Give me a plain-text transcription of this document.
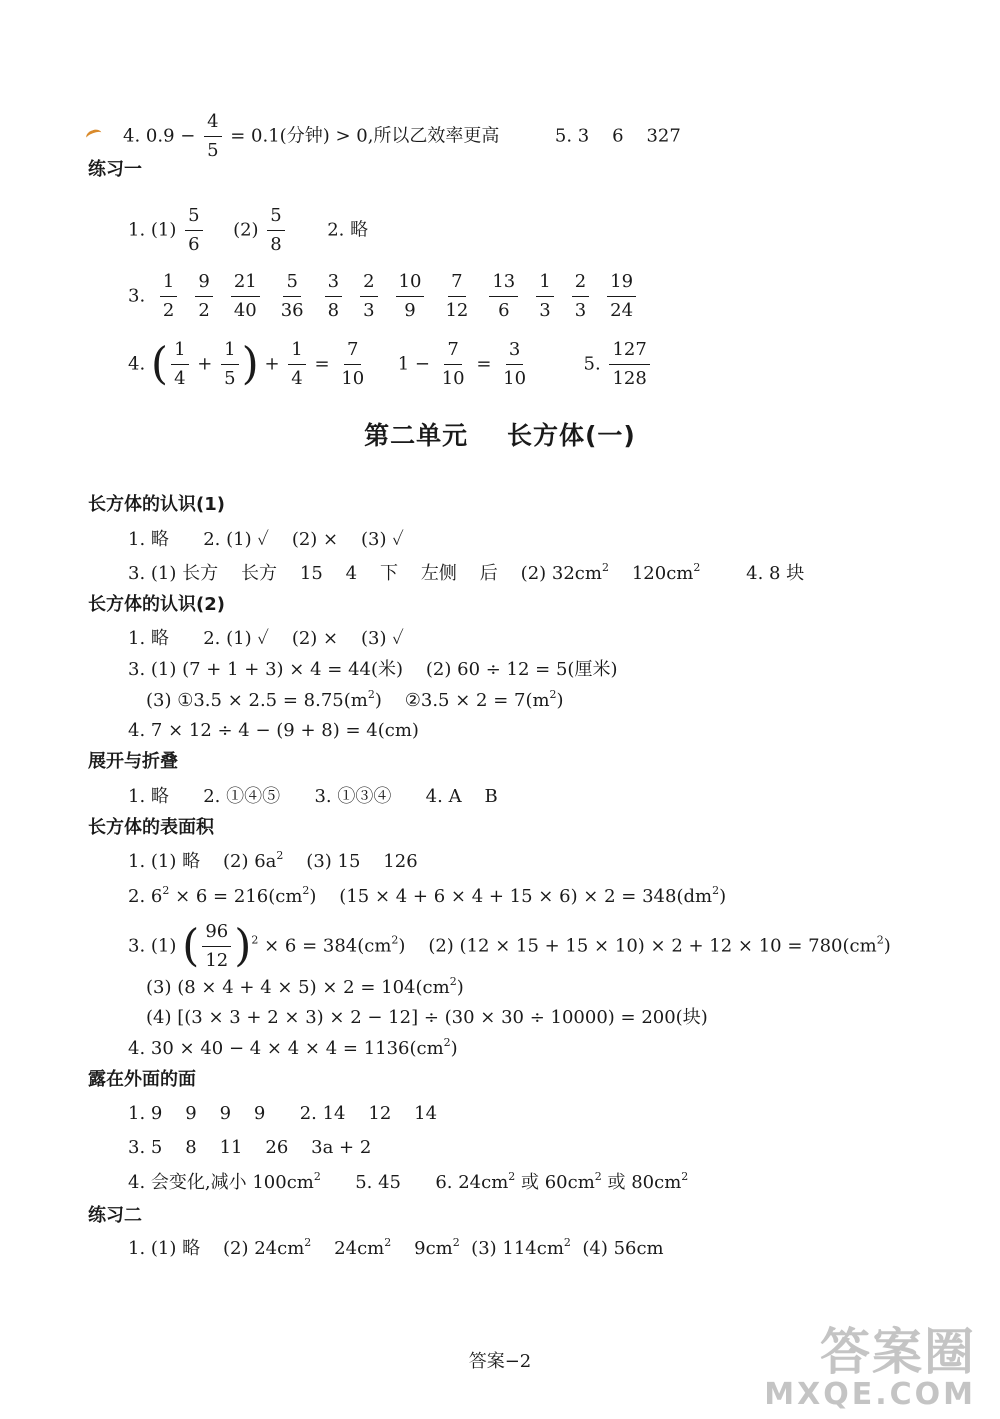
4. $0.9 - \frac{4}{5} = 0.1$(分钟) > 0,所以乙效率更高	5. 3    6    327
练习一
1. $(1) \frac{5}{6} (2) \frac{5}{8} 2$. 略
3. $\frac{1}{2} \frac{9}{2} \frac{21}{40} \frac{5}{36} \frac{3}{8} \frac{2}{3} \frac{10}{9} \frac{7}{12} \frac{13}{6} \frac{1}{3} \frac{2}{3} \frac{19}{24}$
4. ( $\frac{1}{4} + \frac{1}{5}$ ) + $\frac{1}{4} = \frac{7}{10} 1 - \frac{7}{10} = \frac{3}{10}$	5. $\frac{127}{128}$
第二单元    长方体(一)
长方体的认识(1)
1. 略      2. (1) ✓    (2) ×    (3) ✓
3. (1) 长方    长方    15    4    下    左侧    后    (2) $32cm^2$    $120cm^2$        4. 8 块
长方体的认识(2)
1. 略      2. (1) ✓    (2) ×    (3) ✓
3. (1) (7 + 1 + 3) × 4 = 44(米)    (2) 60 ÷ 12 = 5(厘米)
(3) ①3.5 × $2.5 = 8.75(m^2)$    ②3.5 × $2 = 7(m^2)$
4. 7 × 12 ÷ 4 − (9 + 8) = 4(cm)
展开与折叠
1. 略      2. ①④⑤      3. ①③④      4. A    B
长方体的表面积
1. (1) 略    (2) $6a^2$    (3) 15    126
2. $6^2 \times 6 = 216(cm^2)$    $(15 \times 4 + 6 \times 4 + 15 \times 6) \times 2 = 348(dm^2)$
3. (1) ( $\frac{96}{12} )^2 \times 6 = 384(cm^2)$    (2) $(12 \times 15 + 15 \times 10) \times 2 + 12 \times 10 = 780(cm^2)$
(3) $(8 \times 4 + 4 \times 5) \times 2 = 104(cm^2)$
(4) [(3 × 3 + 2 × 3) × 2 − 12] ÷ (30 × 30 ÷ 10000) = 200(块)
4. $30 \times 40 - 4 \times 4 \times 4 = 1136(cm^2)$
露在外面的面
1. 9    9    9    9      2. 14    12    14
3. 5    8    11    26    3a + 2
4. 会变化,减小 $100cm^2$      5. 45      6. $24cm^2$ 或 $60cm^2$ 或 $80cm^2$
练习二
1. (1) 略    (2) $24cm^2$    $24cm^2$    $9cm^2$  (3) $114cm^2$  (4) 56cm
答案−2	答案圈
MXQE.COM
